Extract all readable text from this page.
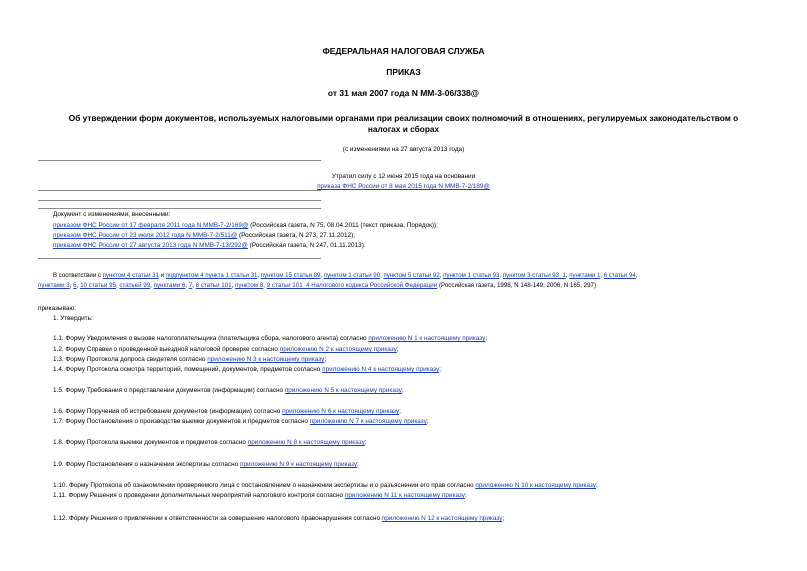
ФЕДЕРАЛЬНАЯ НАЛОГОВАЯ СЛУЖБА
ПРИКАЗ
от 31 мая 2007 года N ММ-3-06/338@
Об утверждении форм документов, используемых налоговыми органами при реализации своих полномочий в отношениях, регулируемых законодательством о
налогах и сборах
(с изменениями на 27 августа 2013 года)
Утратил силу с 12 июня 2015 года на основании
приказа ФНС России от 8 мая 2015 года N ММВ-7-2/189@
Документ с изменениями, внесенными:
приказом ФНС России от 17 февраля 2011 года N ММВ-7-2/169@ (Российская газета, N 75, 08.04.2011 (текст приказа, Порядок));
приказом ФНС России от 23 июля 2012 года N ММВ-7-2/511@ (Российская газета, N 273, 27.11.2012);
приказом ФНС России от 27 августа 2013 года N ММВ-7-13/292@ (Российская газета, N 247, 01.11.2013).
В соответствии с пунктом 4 статьи 31 и подпунктом 4 пункта 1 статьи 31, пунктом 15 статьи 89, пунктом 1 статьи 90, пунктом 5 статьи 92, пунктом 1 статьи 93, пунктом 3 статьи 93_1, пунктами 1, 6 статьи 94,
пунктами 3, 6, 10 статьи 95, статьей 99, пунктами 6, 7, 8 статьи 101, пунктом 8, 9 статьи 101_4 Налогового кодекса Российской Федерации (Российская газета, 1998, N 148-149; 2006, N 165, 297)
приказываю:
1. Утвердить:
1.1. Форму Уведомления о вызове налогоплательщика (плательщика сбора, налогового агента) согласно приложению N 1 к настоящему приказу;
1.2. Форму Справки о проведенной выездной налоговой проверке согласно приложению N 2 к настоящему приказу;
1.3. Форму Протокола допроса свидетеля согласно приложению N 3 к настоящему приказу;
1.4. Форму Протокола осмотра территорий, помещений, документов, предметов согласно приложению N 4 к настоящему приказу;
1.5. Форму Требования о представлении документов (информации) согласно приложению N 5 к настоящему приказу;
1.6. Форму Поручения об истребовании документов (информации) согласно приложению N 6 к настоящему приказу;
1.7. Форму Постановления о производстве выемки документов и предметов согласно приложению N 7 к настоящему приказу;
1.8. Форму Протокола выемки документов и предметов согласно приложению N 8 к настоящему приказу;
1.9. Форму Постановления о назначении экспертизы согласно приложению N 9 к настоящему приказу;
1.10. Форму Протокола об ознакомлении проверяемого лица с постановлением о назначении экспертизы и о разъяснении его прав согласно приложению N 10 к настоящему приказу;
1.11. Форму Решения о проведении дополнительных мероприятий налогового контроля согласно приложению N 11 к настоящему приказу;
1.12. Форму Решения о привлечении к ответственности за совершение налогового правонарушения согласно приложению N 12 к настоящему приказу;
